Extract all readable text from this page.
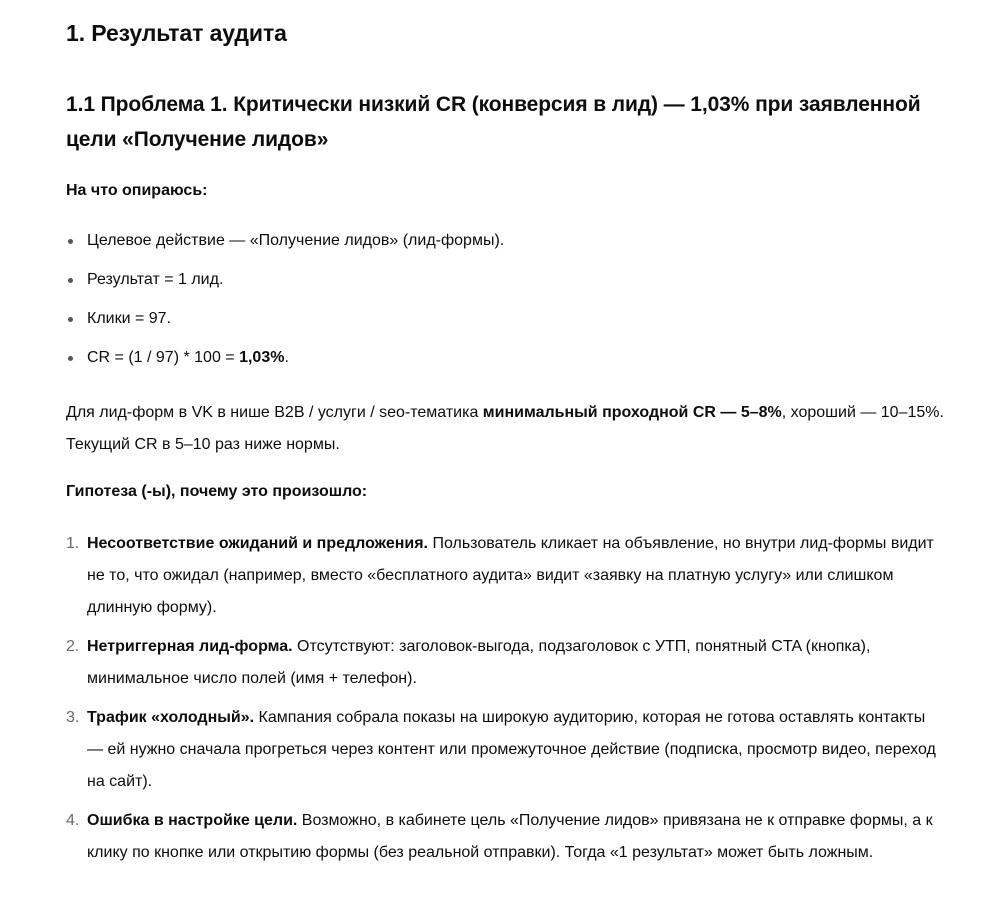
1. Результат аудита
1.1 Проблема 1. Критически низкий CR (конверсия в лид) — 1,03% при заявленной цели «Получение лидов»

На что опираюсь:

Целевое действие — «Получение лидов» (лид-формы).
Результат = 1 лид.
Клики = 97.
CR = (1 / 97) * 100 = 1,03%.

Для лид-форм в VK в нише B2B / услуги / seo-тематика минимальный проходной CR — 5–8%, хороший — 10–15%. Текущий CR в 5–10 раз ниже нормы.

Гипотеза (-ы), почему это произошло:

1. Несоответствие ожиданий и предложения. Пользователь кликает на объявление, но внутри лид-формы видит не то, что ожидал (например, вместо «бесплатного аудита» видит «заявку на платную услугу» или слишком длинную форму).
2. Нетриггерная лид-форма. Отсутствуют: заголовок-выгода, подзаголовок с УТП, понятный CTA (кнопка), минимальное число полей (имя + телефон).
3. Трафик «холодный». Кампания собрала показы на широкую аудиторию, которая не готова оставлять контакты — ей нужно сначала прогреться через контент или промежуточное действие (подписка, просмотр видео, переход на сайт).
4. Ошибка в настройке цели. Возможно, в кабинете цель «Получение лидов» привязана не к отправке формы, а к клику по кнопке или открытию формы (без реальной отправки). Тогда «1 результат» может быть ложным.
